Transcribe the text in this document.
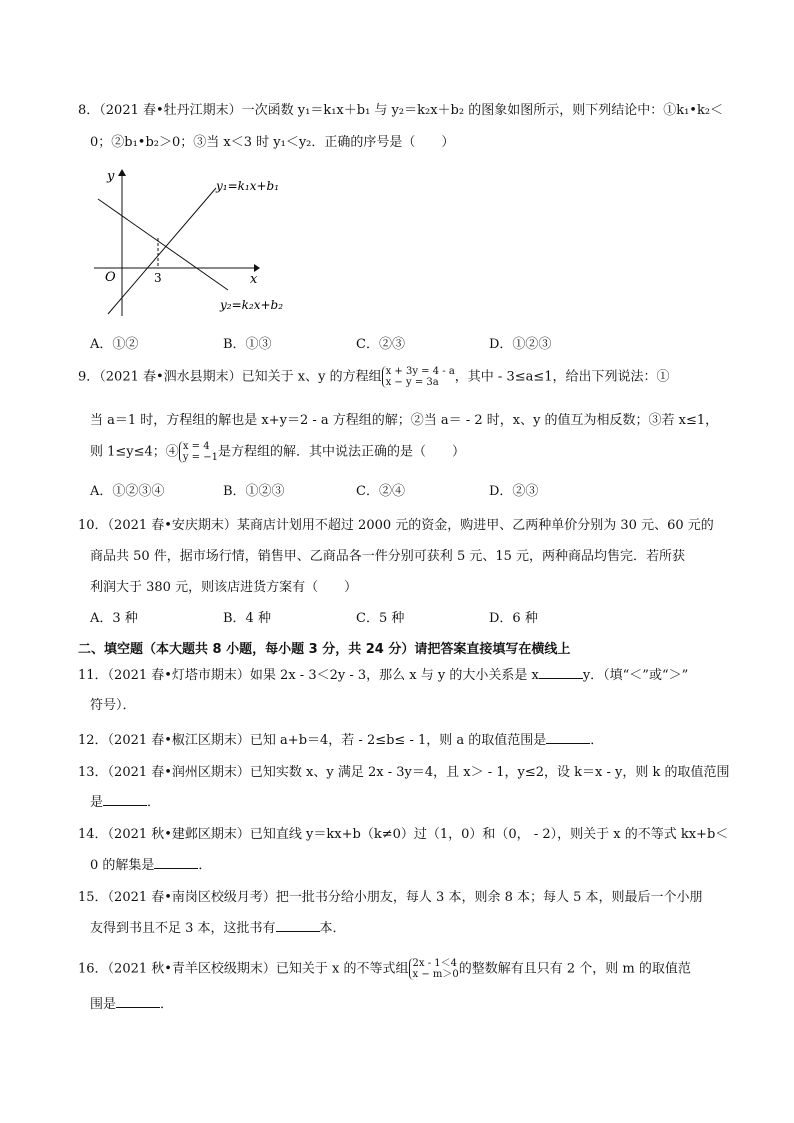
8．（2021 春•牡丹江期末）一次函数 y₁＝k₁x＋b₁ 与 y₂＝k₂x＋b₂ 的图象如图所示，则下列结论中：①k₁•k₂＜
0；②b₁•b₂＞0；③当 x＜3 时 y₁＜y₂．正确的序号是（　　）
y
x
O	3
y₁=k₁x+b₁
y₂=k₂x+b₂
A．①②	B．①③	C．②③	D．①②③
9．（2021 春•泗水县期末）已知关于 x、y 的方程组 x + 3y = 4 - a
x − y = 3a	，其中 - 3≤a≤1，给出下列说法：①
当 a＝1 时，方程组的解也是 x+y＝2 - a 方程组的解；②当 a＝ - 2 时，x、y 的值互为相反数；③若 x≤1，
则 1≤y≤4；④ x = 4
y = −1 是方程组的解．其中说法正确的是（　　）
A．①②③④	B．①②③	C．②④	D．②③
10．（2021 春•安庆期末）某商店计划用不超过 2000 元的资金，购进甲、乙两种单价分别为 30 元、60 元的
商品共 50 件，据市场行情，销售甲、乙商品各一件分别可获利 5 元、15 元，两种商品均售完．若所获
利润大于 380 元，则该店进货方案有（　　）
A．3 种	B．4 种	C．5 种	D．6 种
二、填空题（本大题共 8 小题，每小题 3 分，共 24 分）请把答案直接填写在横线上
11．（2021 春•灯塔市期末）如果 2x - 3＜2y - 3，那么 x 与 y 的大小关系是 x	y．（填“＜”或“＞”
符号）．
12．（2021 春•椒江区期末）已知 a+b＝4，若 - 2≤b≤ - 1，则 a 的取值范围是	．
13．（2021 春•润州区期末）已知实数 x、y 满足 2x - 3y＝4，且 x＞ - 1，y≤2，设 k＝x - y，则 k 的取值范围
是	．
14．（2021 秋•建邺区期末）已知直线 y＝kx+b（k≠0）过（1，0）和（0， - 2），则关于 x 的不等式 kx+b＜
0 的解集是	．
15．（2021 春•南岗区校级月考）把一批书分给小朋友，每人 3 本，则余 8 本；每人 5 本，则最后一个小朋
友得到书且不足 3 本，这批书有	本．
16．（2021 秋•青羊区校级期末）已知关于 x 的不等式组 2x - 1＜4
x − m＞0 的整数解有且只有 2 个，则 m 的取值范
围是	．
